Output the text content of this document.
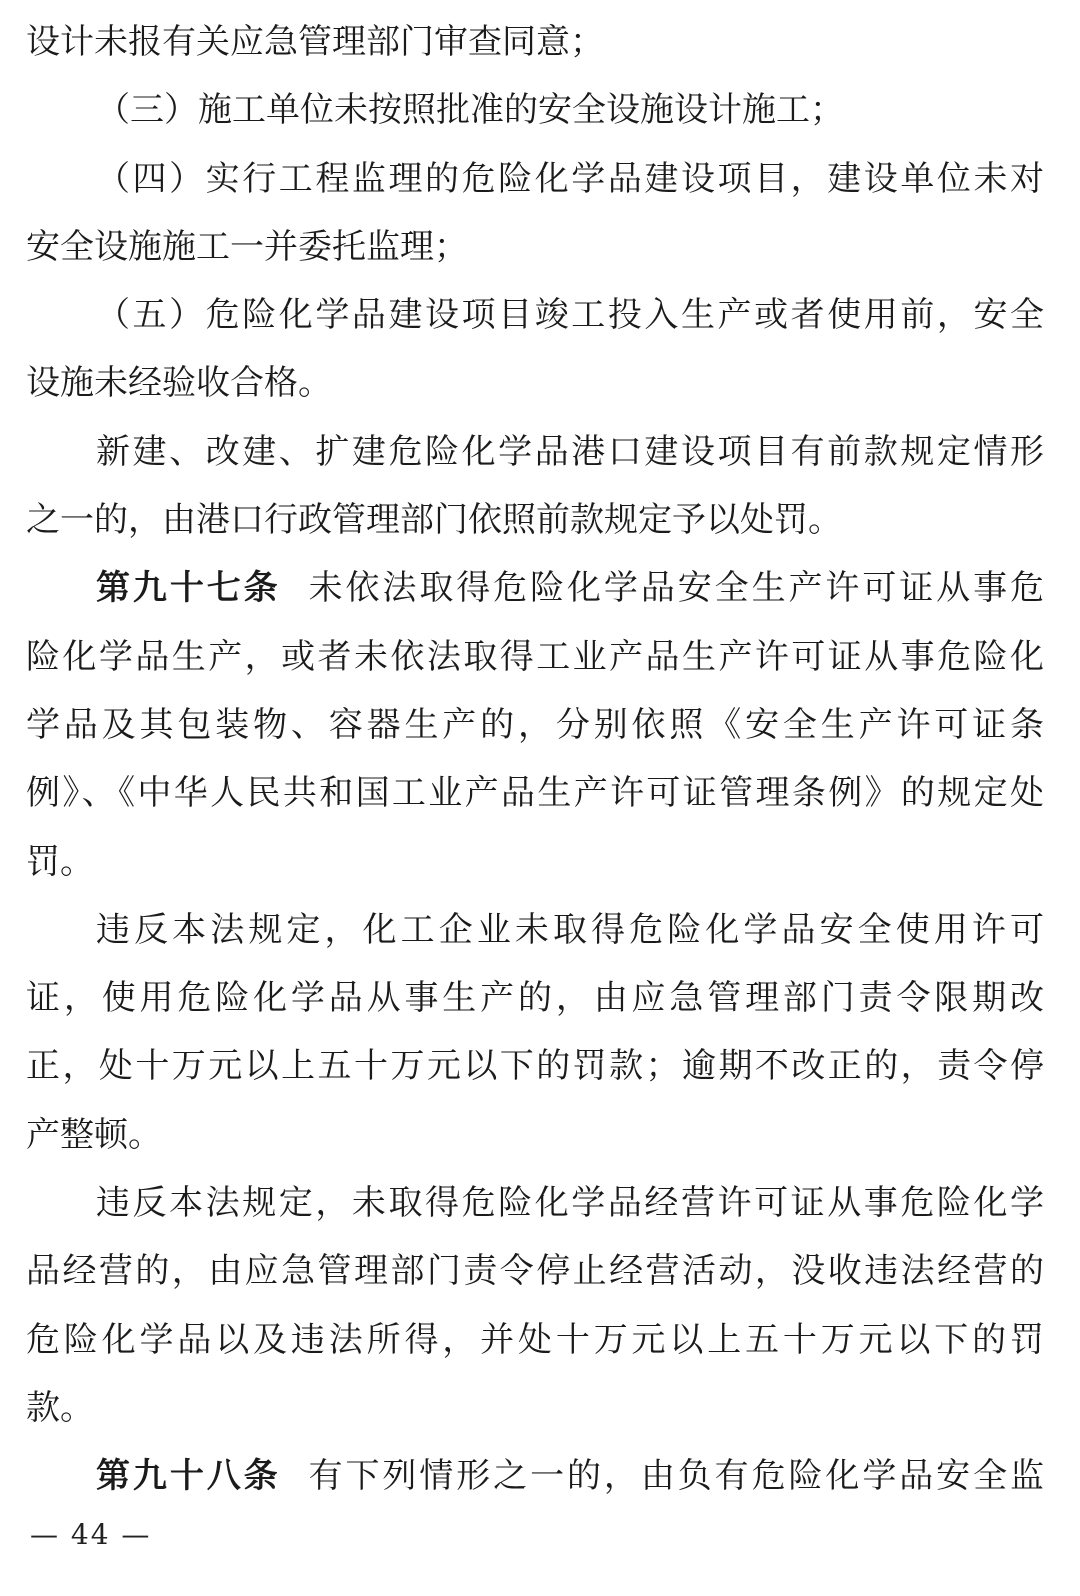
设计未报有关应急管理部门审查同意；
（三）施工单位未按照批准的安全设施设计施工；
（四）实行工程监理的危险化学品建设项目，建设单位未对
安全设施施工一并委托监理；
（五）危险化学品建设项目竣工投入生产或者使用前，安全
设施未经验收合格。
新建、改建、扩建危险化学品港口建设项目有前款规定情形
之一的，由港口行政管理部门依照前款规定予以处罚。
第九十七条 未依法取得危险化学品安全生产许可证从事危
险化学品生产，或者未依法取得工业产品生产许可证从事危险化
学品及其包装物、容器生产的，分别依照《安全生产许可证条
例》、《中华人民共和国工业产品生产许可证管理条例》的规定处
罚。
违反本法规定，化工企业未取得危险化学品安全使用许可
证，使用危险化学品从事生产的，由应急管理部门责令限期改
正，处十万元以上五十万元以下的罚款；逾期不改正的，责令停
产整顿。
违反本法规定，未取得危险化学品经营许可证从事危险化学
品经营的，由应急管理部门责令停止经营活动，没收违法经营的
危险化学品以及违法所得，并处十万元以上五十万元以下的罚
款。
第九十八条 有下列情形之一的，由负有危险化学品安全监
— 44 —
